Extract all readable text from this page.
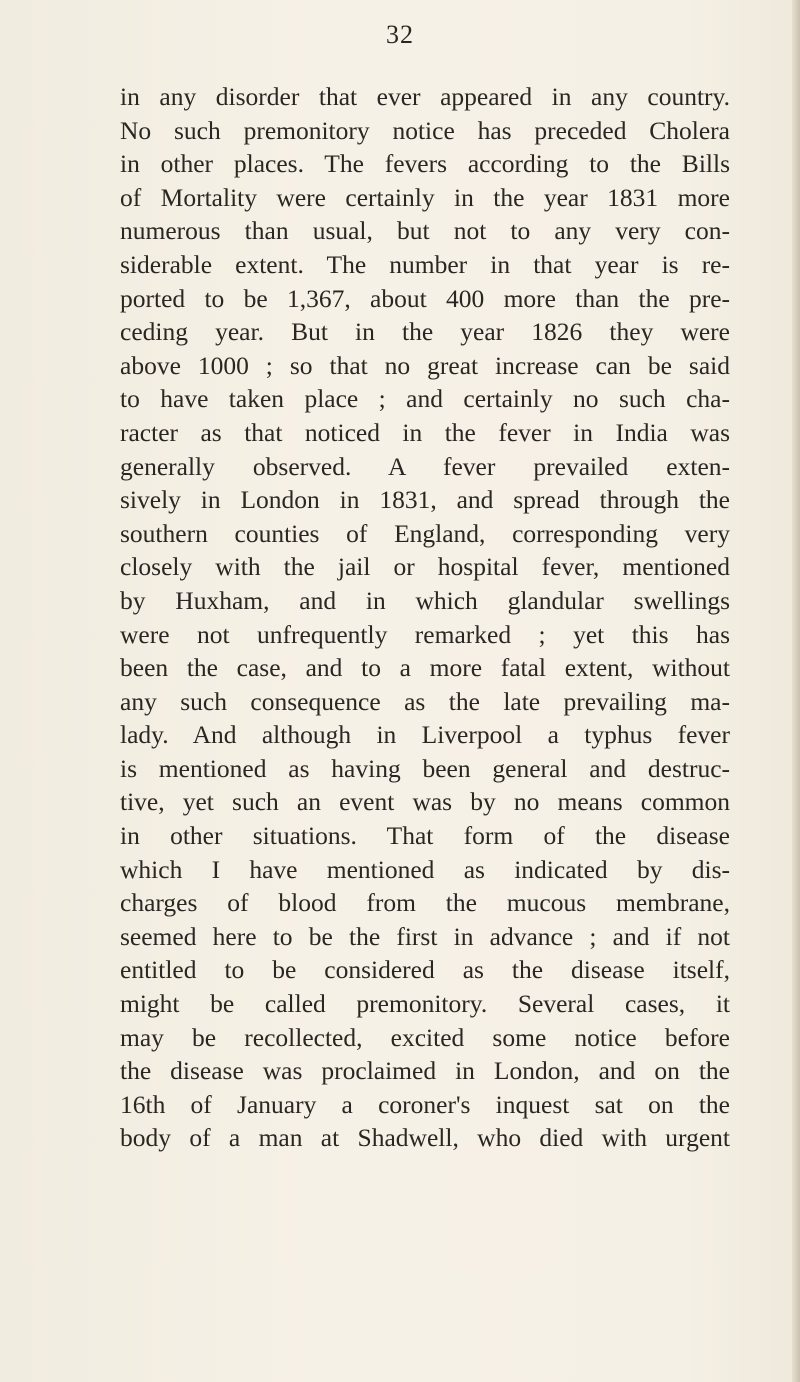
32
in any disorder that ever appeared in any country.
No such premonitory notice has preceded Cholera
in other places. The fevers according to the Bills
of Mortality were certainly in the year 1831 more
numerous than usual, but not to any very con-
siderable extent. The number in that year is re-
ported to be 1,367, about 400 more than the pre-
ceding year. But in the year 1826 they were
above 1000 ; so that no great increase can be said
to have taken place ; and certainly no such cha-
racter as that noticed in the fever in India was
generally observed. A fever prevailed exten-
sively in London in 1831, and spread through the
southern counties of England, corresponding very
closely with the jail or hospital fever, mentioned
by Huxham, and in which glandular swellings
were not unfrequently remarked ; yet this has
been the case, and to a more fatal extent, without
any such consequence as the late prevailing ma-
lady. And although in Liverpool a typhus fever
is mentioned as having been general and destruc-
tive, yet such an event was by no means common
in other situations. That form of the disease
which I have mentioned as indicated by dis-
charges of blood from the mucous membrane,
seemed here to be the first in advance ; and if not
entitled to be considered as the disease itself,
might be called premonitory. Several cases, it
may be recollected, excited some notice before
the disease was proclaimed in London, and on the
16th of January a coroner's inquest sat on the
body of a man at Shadwell, who died with urgent
